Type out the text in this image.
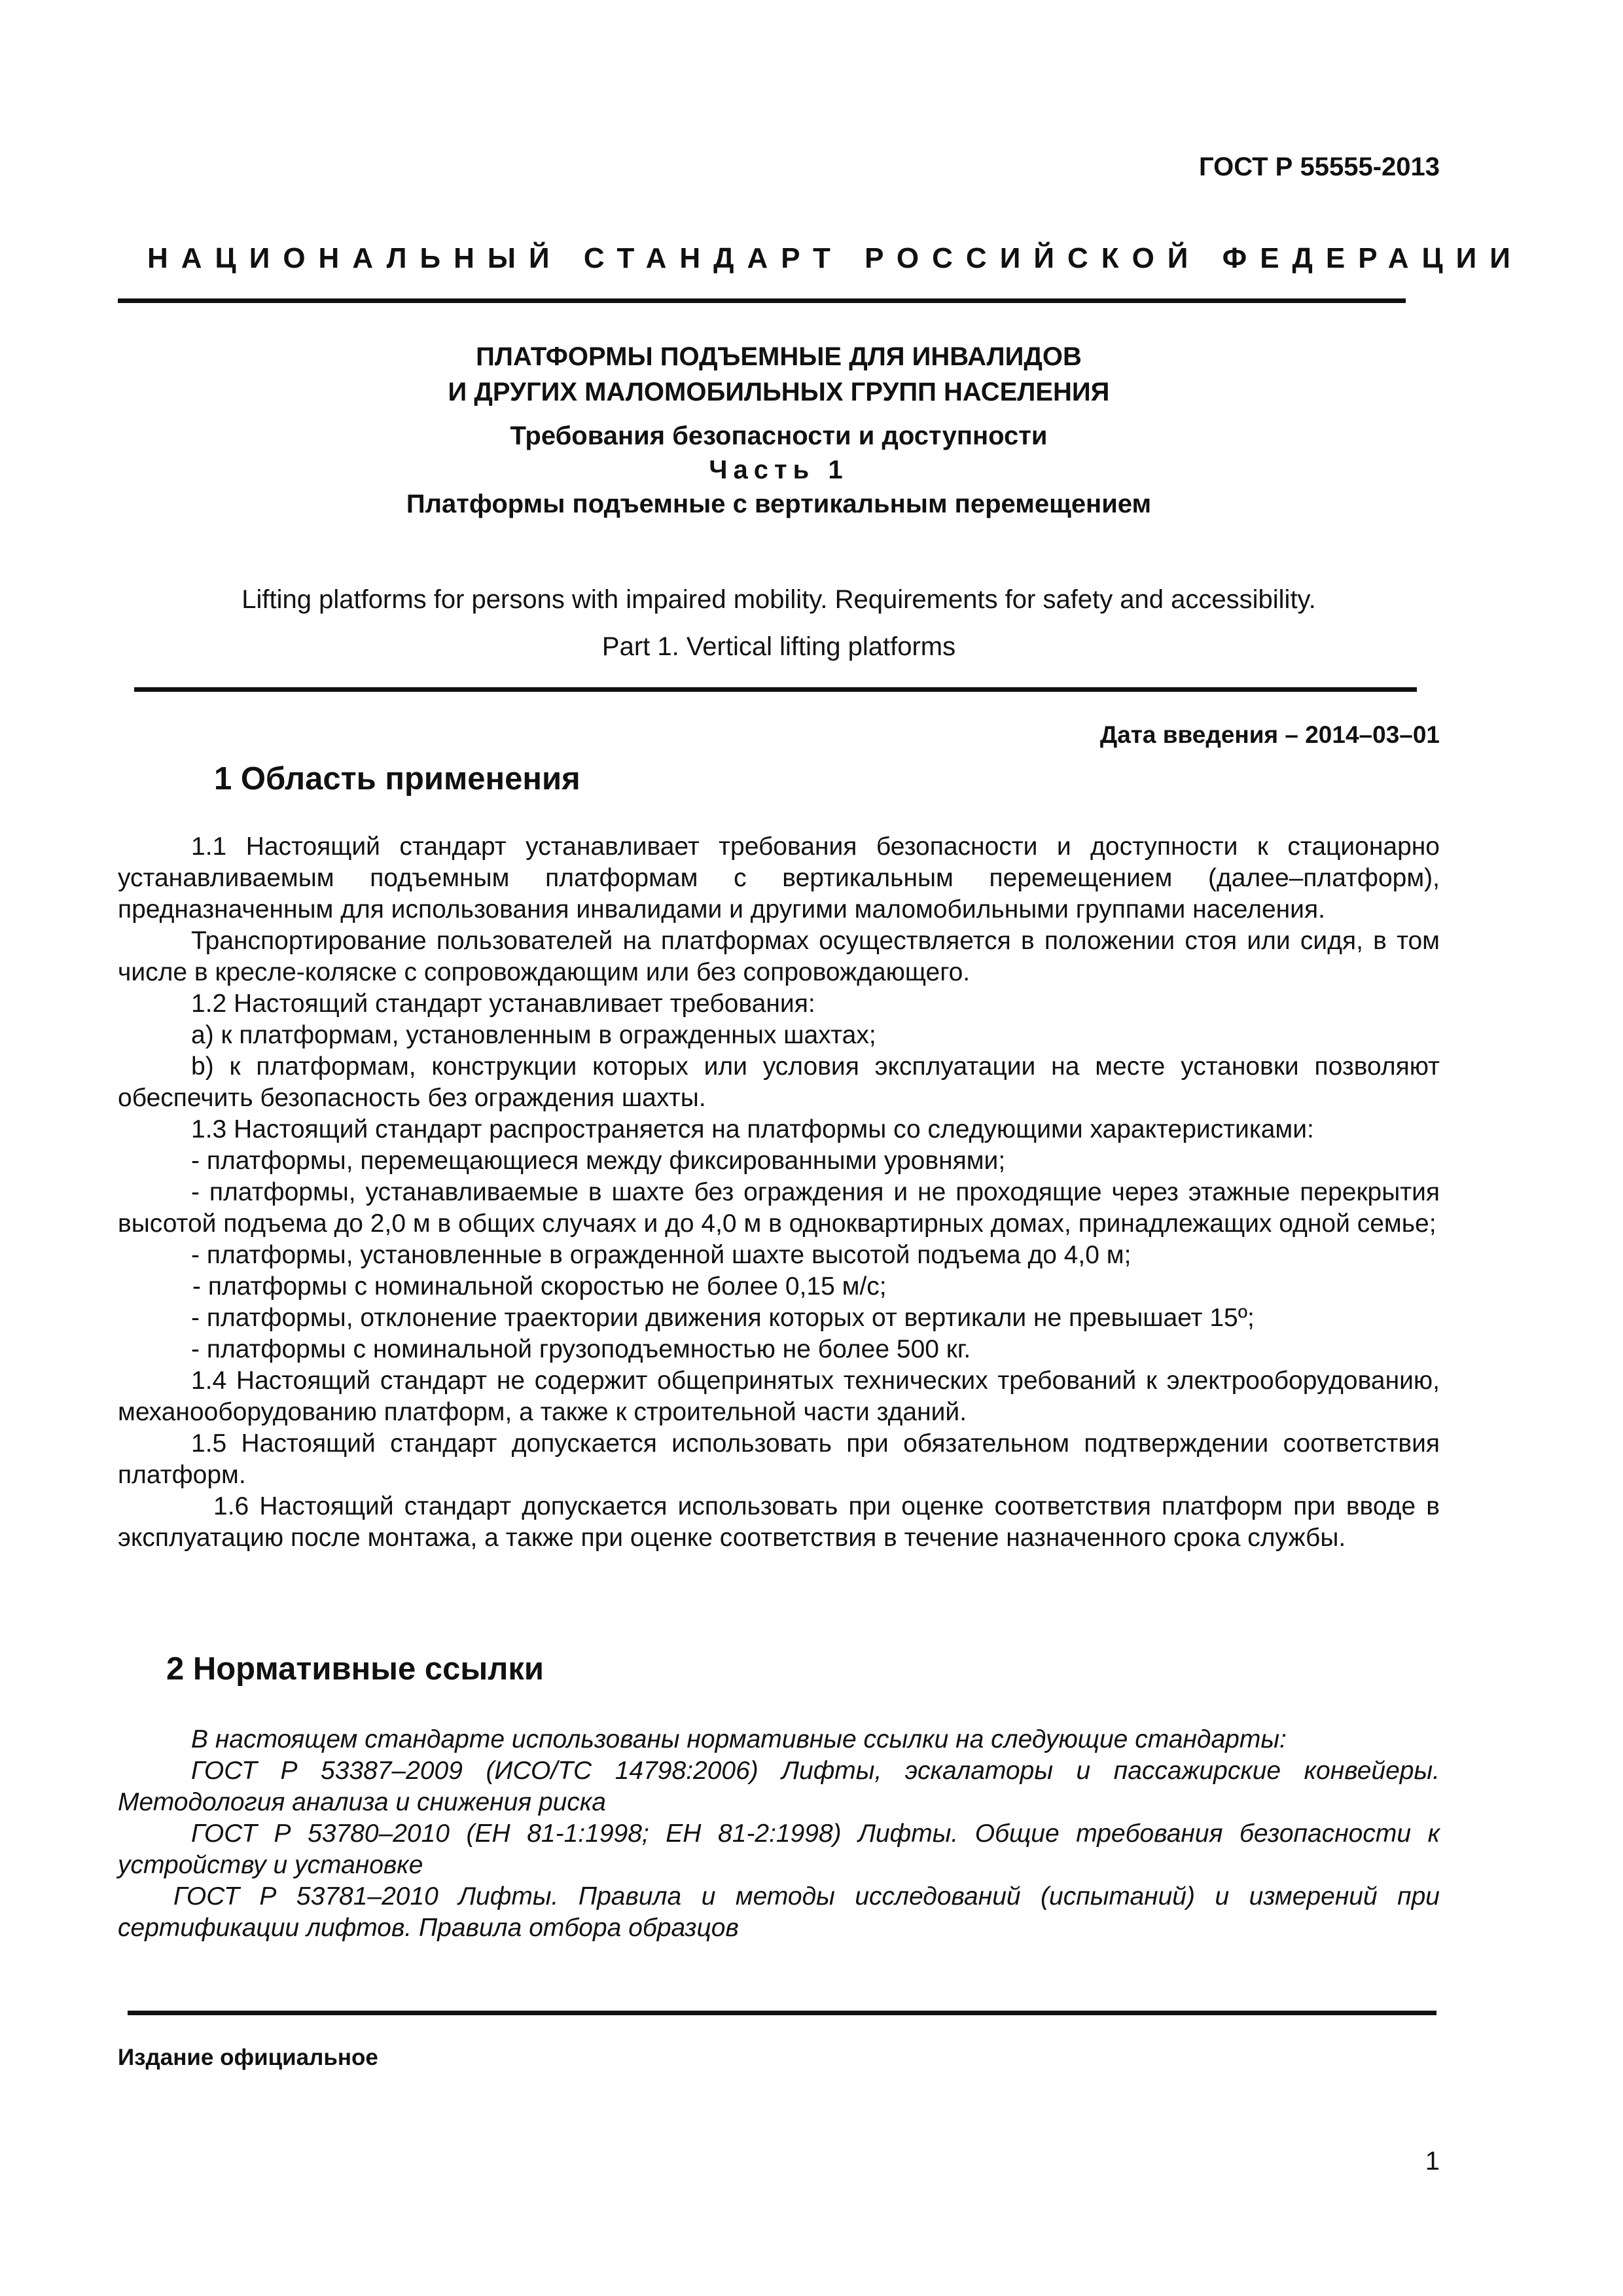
ГОСТ Р 55555-2013
НАЦИОНАЛЬНЫЙ СТАНДАРТ РОССИЙСКОЙ ФЕДЕРАЦИИ
ПЛАТФОРМЫ ПОДЪЕМНЫЕ ДЛЯ ИНВАЛИДОВ
И ДРУГИХ МАЛОМОБИЛЬНЫХ ГРУПП НАСЕЛЕНИЯ
Требования безопасности и доступности
Часть 1
Платформы подъемные с вертикальным перемещением
Lifting platforms for persons with impaired mobility. Requirements for safety and accessibility.
Part 1. Vertical lifting platforms
Дата введения – 2014–03–01
1 Область применения

1.1 Настоящий стандарт устанавливает требования безопасности и доступности к стационарно устанавливаемым подъемным платформам с вертикальным перемещением (далее–платформ), предназначенным для использования инвалидами и другими маломобильными группами населения.

Транспортирование пользователей на платформах осуществляется в положении стоя или сидя, в том числе в кресле-коляске с сопровождающим или без сопровождающего.

1.2 Настоящий стандарт устанавливает требования:

a) к платформам, установленным в огражденных шахтах;

b) к платформам, конструкции которых или условия эксплуатации на месте установки позволяют обеспечить безопасность без ограждения шахты.

1.3 Настоящий стандарт распространяется на платформы со следующими характеристиками:

- платформы, перемещающиеся между фиксированными уровнями;

- платформы, устанавливаемые в шахте без ограждения и не проходящие через этажные перекрытия высотой подъема до 2,0 м в общих случаях и до 4,0 м в одноквартирных домах, принадлежащих одной семье;

- платформы, установленные в огражденной шахте высотой подъема до 4,0 м;

- платформы с номинальной скоростью не более 0,15 м/с;

- платформы, отклонение траектории движения которых от вертикали не превышает 15º;

- платформы с номинальной грузоподъемностью не более 500 кг.

1.4 Настоящий стандарт не содержит общепринятых технических требований к электрооборудованию, механооборудованию платформ, а также к строительной части зданий.

1.5 Настоящий стандарт допускается использовать при обязательном подтверждении соответствия платформ.

1.6 Настоящий стандарт допускается использовать при оценке соответствия платформ при вводе в эксплуатацию после монтажа, а также при оценке соответствия в течение назначенного срока службы.

2 Нормативные ссылки

В настоящем стандарте использованы нормативные ссылки на следующие стандарты:

ГОСТ Р 53387–2009 (ИСО/ТС 14798:2006) Лифты, эскалаторы и пассажирские конвейеры. Методология анализа и снижения риска

ГОСТ Р 53780–2010 (ЕН 81-1:1998; ЕН 81-2:1998) Лифты. Общие требования безопасности к устройству и установке

ГОСТ Р 53781–2010 Лифты. Правила и методы исследований (испытаний) и измерений при сертификации лифтов. Правила отбора образцов

Издание официальное
1
